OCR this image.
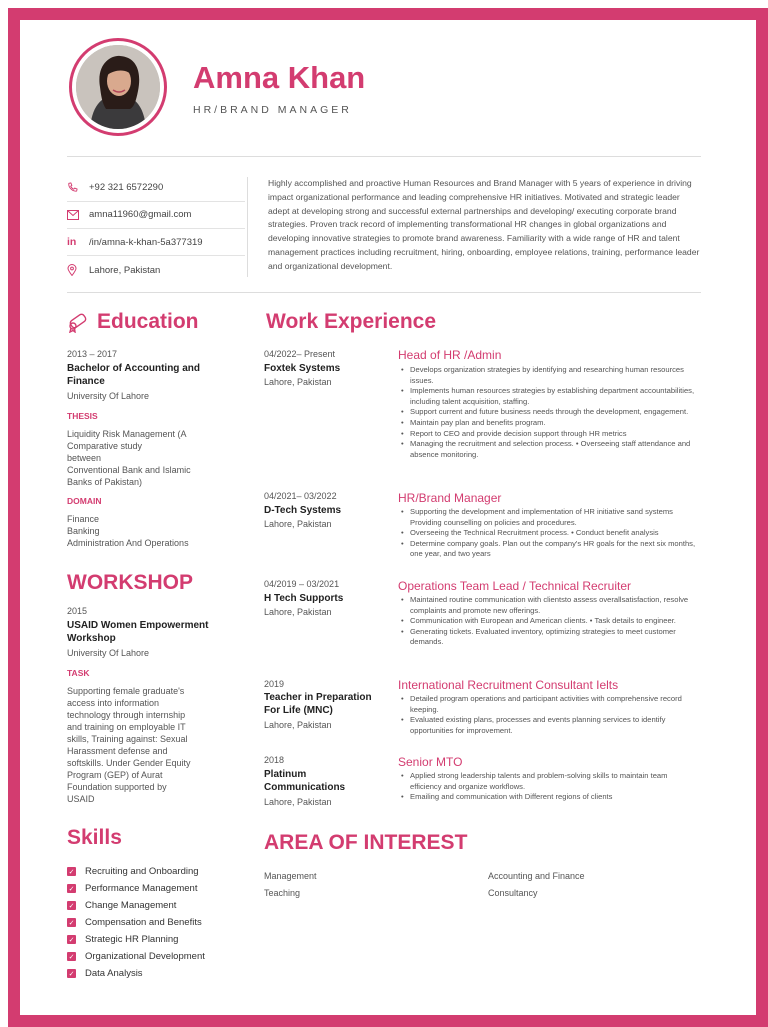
Amna Khan
HR/BRAND MANAGER
+92 321 6572290
amna11960@gmail.com
in	/in/amna-k-khan-5a377319
Lahore, Pakistan
Highly accomplished and proactive Human Resources and Brand Manager with 5 years of experience in driving impact organizational performance and leading comprehensive HR initiatives. Motivated and strategic leader adept at developing strong and successful external partnerships and developing/ executing corporate brand strategies. Proven track record of implementing transformational HR changes in global organizations and developing innovative strategies to promote brand awareness. Familiarity with a wide range of HR and talent management practices including recruitment, hiring, onboarding, employee relations, training, performance leader and organizational development.
Education
2013 – 2017
Bachelor of Accounting and Finance
University Of Lahore
THESIS
Liquidity Risk Management (A
Comparative study
between
Conventional Bank and Islamic
Banks of Pakistan)
DOMAIN
Finance
Banking
Administration And Operations
WORKSHOP
2015
USAID Women Empowerment Workshop
University Of Lahore
TASK
Supporting female graduate's
access into information
technology through internship
and training on employable IT
skills, Training against: Sexual
Harassment defense and
softskills. Under Gender Equity
Program (GEP) of Aurat
Foundation supported by
USAID
Skills
✓ Recruiting and Onboarding
✓ Performance Management
✓ Change Management
✓ Compensation and Benefits
✓ Strategic HR Planning
✓ Organizational Development
✓ Data Analysis
Work Experience
04/2022– Present
Foxtek Systems
Lahore, Pakistan
Head of HR /Admin
• Develops organization strategies by identifying and researching human resources issues.
• Implements human resources strategies by establishing department accountabilities, including talent acquisition, staffing.
• Support current and future business needs through the development, engagement.
• Maintain pay plan and benefits program.
• Report to CEO and provide decision support through HR metrics
• Managing the recruitment and selection process. • Overseeing staff attendance and absence monitoring.
04/2021– 03/2022
D-Tech Systems
Lahore, Pakistan
HR/Brand Manager
• Supporting the development and implementation of HR initiative sand systems Providing counselling on policies and procedures.
• Overseeing the Technical Recruitment process. • Conduct benefit analysis
• Determine company goals. Plan out the company's HR goals for the next six months, one year, and two years
04/2019 – 03/2021
H Tech Supports
Lahore, Pakistan
Operations Team Lead / Technical Recruiter
• Maintained routine communication with clientsto assess overallsatisfaction, resolve complaints and promote new offerings.
• Communication with European and American clients. • Task details to engineer.
• Generating tickets. Evaluated inventory, optimizing strategies to meet customer demands.
2019
Teacher in Preparation For Life (MNC)
Lahore, Pakistan
International Recruitment Consultant Ielts
• Detailed program operations and participant activities with comprehensive record keeping.
• Evaluated existing plans, processes and events planning services to identify opportunities for improvement.
2018
Platinum Communications
Lahore, Pakistan
Senior MTO
• Applied strong leadership talents and problem-solving skills to maintain team efficiency and organize workflows.
• Emailing and communication with Different regions of clients
AREA OF INTEREST
Management	Accounting and Finance
Teaching	Consultancy
